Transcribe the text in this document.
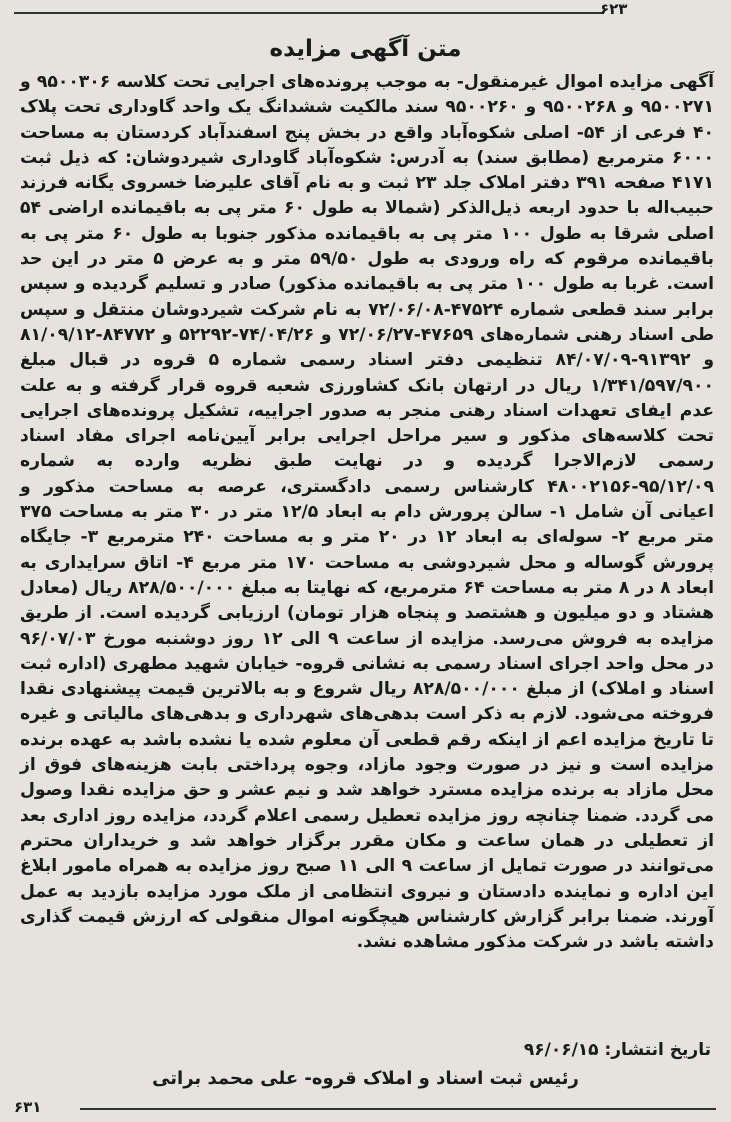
۶۲۳
متن آگهی مزایده
آگهی مزایده اموال غیرمنقول- به موجب پرونده‌های اجرایی تحت کلاسه ۹۵۰۰۳۰۶ و ۹۵۰۰۲۷۱ و ۹۵۰۰۲۶۸ و ۹۵۰۰۲۶۰ سند مالکیت ششدانگ یک واحد گاوداری تحت پلاک ۴۰ فرعی از ۵۴- اصلی شکوه‌آباد واقع در بخش پنج اسفندآباد کردستان به مساحت ۶۰۰۰ مترمربع (مطابق سند) به آدرس: شکوه‌آباد گاوداری شیردوشان: که ذیل ثبت ۴۱۷۱ صفحه ۳۹۱ دفتر املاک جلد ۲۳ ثبت و به نام آقای علیرضا خسروی یگانه فرزند حبیب‌اله با حدود اربعه ذیل‌الذکر (شمالا به طول ۶۰ متر پی به باقیمانده اراضی ۵۴ اصلی شرقا به طول ۱۰۰ متر پی به باقیمانده مذکور جنوبا به طول ۶۰ متر پی به باقیمانده مرقوم که راه ورودی به طول ۵۹/۵۰ متر و به عرض ۵ متر در این حد است. غربا به طول ۱۰۰ متر پی به باقیمانده مذکور) صادر و تسلیم گردیده و سپس برابر سند قطعی شماره ۴۷۵۲۴-۷۲/۰۶/۰۸ به نام شرکت شیردوشان منتقل و سپس طی اسناد رهنی شماره‌های ۴۷۶۵۹-۷۲/۰۶/۲۷ و ۷۴/۰۴/۲۶-۵۲۲۹۲ و ۸۴۷۷۲-۸۱/۰۹/۱۲ و ۹۱۳۹۲-۸۴/۰۷/۰۹ تنظیمی دفتر اسناد رسمی شماره ۵ قروه در قبال مبلغ ۱/۳۴۱/۵۹۷/۹۰۰ ریال در ارتهان بانک کشاورزی شعبه قروه قرار گرفته و به علت عدم ایفای تعهدات اسناد رهنی منجر به صدور اجراییه، تشکیل پرونده‌های اجرایی تحت کلاسه‌های مذکور و سیر مراحل اجرایی برابر آیین‌نامه اجرای مفاد اسناد رسمی لازم‌الاجرا گردیده و در نهایت طبق نظریه وارده به شماره ۹۵/۱۲/۰۹-۴۸۰۰۲۱۵۶ کارشناس رسمی دادگستری، عرصه به مساحت مذکور و اعیانی آن شامل ۱- سالن پرورش دام به ابعاد ۱۲/۵ متر در ۳۰ متر به مساحت ۳۷۵ متر مربع ۲- سوله‌ای به ابعاد ۱۲ در ۲۰ متر و به مساحت ۲۴۰ مترمربع ۳- جایگاه پرورش گوساله و محل شیردوشی به مساحت ۱۷۰ متر مربع ۴- اتاق سرایداری به ابعاد ۸ در ۸ متر به مساحت ۶۴ مترمربع، که نهایتا به مبلغ ۸۲۸/۵۰۰/۰۰۰ ریال (معادل هشتاد و دو میلیون و هشتصد و پنجاه هزار تومان) ارزیابی گردیده است. از طریق مزایده به فروش می‌رسد. مزایده از ساعت ۹ الی ۱۲ روز دوشنبه مورخ ۹۶/۰۷/۰۳ در محل واحد اجرای اسناد رسمی به نشانی قروه- خیابان شهید مطهری (اداره ثبت اسناد و املاک) از مبلغ ۸۲۸/۵۰۰/۰۰۰ ریال شروع و به بالاترین قیمت پیشنهادی نقدا فروخته می‌شود. لازم به ذکر است بدهی‌های شهرداری و بدهی‌های مالیاتی و غیره تا تاریخ مزایده اعم از اینکه رقم قطعی آن معلوم شده یا نشده باشد به عهده برنده مزایده است و نیز در صورت وجود مازاد، وجوه پرداختی بابت هزینه‌های فوق از محل مازاد به برنده مزایده مسترد خواهد شد و نیم عشر و حق مزایده نقدا وصول می گردد. ضمنا چنانچه روز مزایده تعطیل رسمی اعلام گردد، مزایده روز اداری بعد از تعطیلی در همان ساعت و مکان مقرر برگزار خواهد شد و خریداران محترم می‌توانند در صورت تمایل از ساعت ۹ الی ۱۱ صبح روز مزایده به همراه مامور ابلاغ این اداره و نماینده دادستان و نیروی انتظامی از ملک مورد مزایده بازدید به عمل آورند. ضمنا برابر گزارش کارشناس هیچگونه اموال منقولی که ارزش قیمت گذاری داشته باشد در شرکت مذکور مشاهده نشد.
تاریخ انتشار: ۹۶/۰۶/۱۵
رئیس ثبت اسناد و املاک قروه- علی محمد براتی
۶۳۱
